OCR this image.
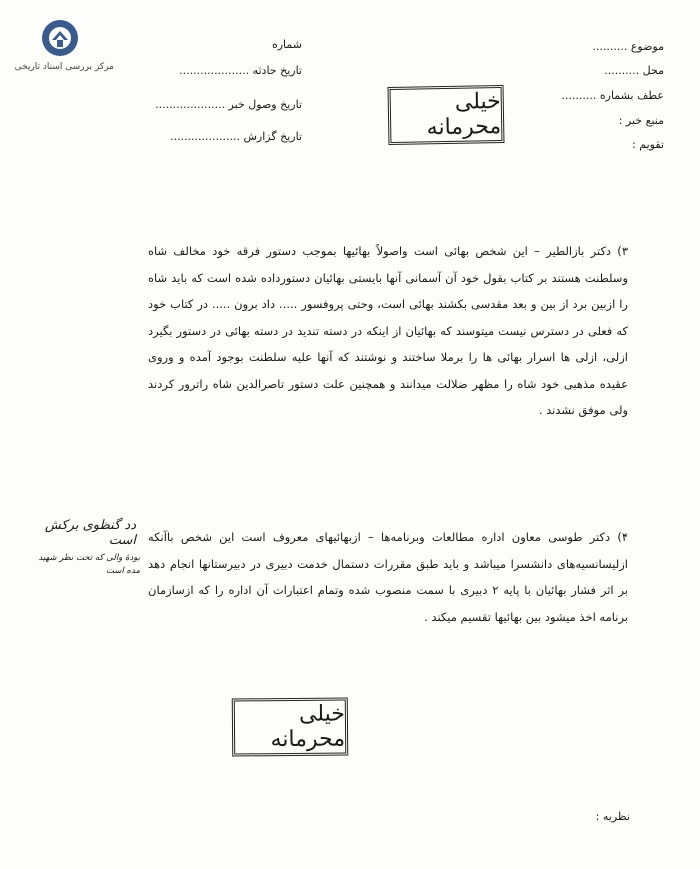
مرکز بررسی اسناد تاریخی
موضوع ..........
محل ..........
عطف بشماره ..........
منبع خبر :
تقویم :
شماره
تاریخ حادثه ....................
تاریخ وصول خبر ....................
تاریخ گزارش ....................
خیلی محرمانه
۳) دکتر بازالطیر – این شخص بهائی است واصولاً بهائیها بموجب دستور فرقه خود مخالف شاه وسلطنت هستند بر کتاب بقول خود آن آسمانی آنها بایستی بهائیان دستورداده شده است که باید شاه را ازبین برد از بین و بعد مقدسی بکشند بهائی است، وحتی پروفسور ..... داد برون ..... در کتاب خود که فعلی در دسترس نیست میتوسند که بهائیان از اینکه در دسته تندید در دسته بهائی در دستور بگیرد ازلی، ازلی ها اسرار بهائی ها را برملا ساختند و نوشتند که آنها علیه سلطنت بوجود آمده و وروی عقیده مذهبی خود شاه را مظهر ضلالت میدانند و همچنین علت دستور تاصرالدین شاه راترور کردند ولی موفق نشدند .
دد گنظوی برکش است
بودهٔ والی که تحت نظر شهید مده است
۴) دکتر طوسی معاون اداره مطالعات وبرنامه‌ها – ازبهائیهای معروف است این شخص باآنکه ازلیسانسیه‌های دانشسرا میباشد و باید طبق مقررات دستمال خدمت دبیری در دبیرستانها انجام دهد بر اثر فشار بهائیان با پایه ۲ دبیری با سمت منصوب شده وتمام اعتبارات آن اداره را که ازسازمان برنامه اخذ میشود بین بهائیها تقسیم میکند .
خیلی محرمانه
نظریه :
